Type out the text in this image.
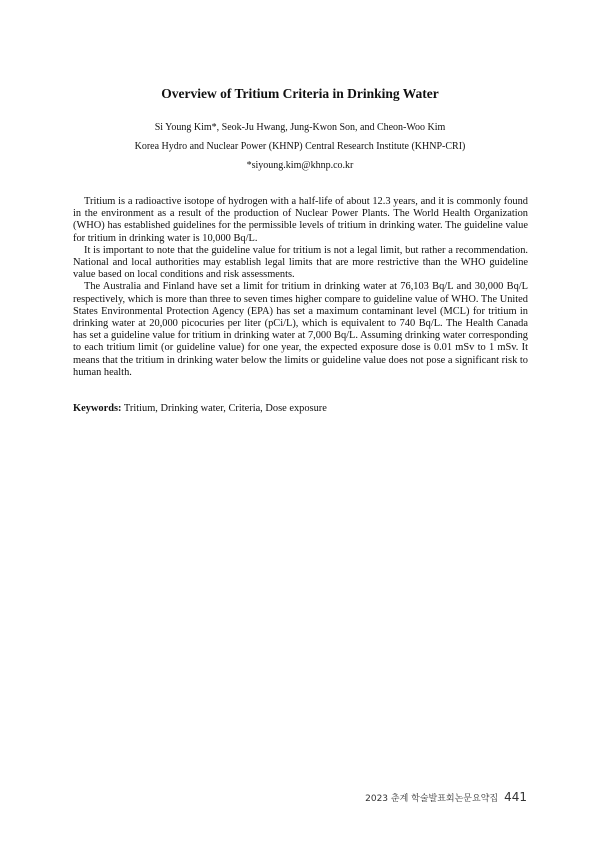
Overview of Tritium Criteria in Drinking Water
Si Young Kim*, Seok-Ju Hwang, Jung-Kwon Son, and Cheon-Woo Kim
Korea Hydro and Nuclear Power (KHNP) Central Research Institute (KHNP-CRI)
*siyoung.kim@khnp.co.kr

Tritium is a radioactive isotope of hydrogen with a half-life of about 12.3 years, and it is commonly found in the environment as a result of the production of Nuclear Power Plants. The World Health Organization (WHO) has established guidelines for the permissible levels of tritium in drinking water. The guideline value for tritium in drinking water is 10,000 Bq/L.

It is important to note that the guideline value for tritium is not a legal limit, but rather a recommendation. National and local authorities may establish legal limits that are more restrictive than the WHO guideline value based on local conditions and risk assessments.

The Australia and Finland have set a limit for tritium in drinking water at 76,103 Bq/L and 30,000 Bq/L respectively, which is more than three to seven times higher compare to guideline value of WHO. The United States Environmental Protection Agency (EPA) has set a maximum contaminant level (MCL) for tritium in drinking water at 20,000 picocuries per liter (pCi/L), which is equivalent to 740 Bq/L. The Health Canada has set a guideline value for tritium in drinking water at 7,000 Bq/L. Assuming drinking water corresponding to each tritium limit (or guideline value) for one year, the expected exposure dose is 0.01 mSv to 1 mSv. It means that the tritium in drinking water below the limits or guideline value does not pose a significant risk to human health.

Keywords: Tritium, Drinking water, Criteria, Dose exposure
2023 춘계 학술발표회논문요약집 441
